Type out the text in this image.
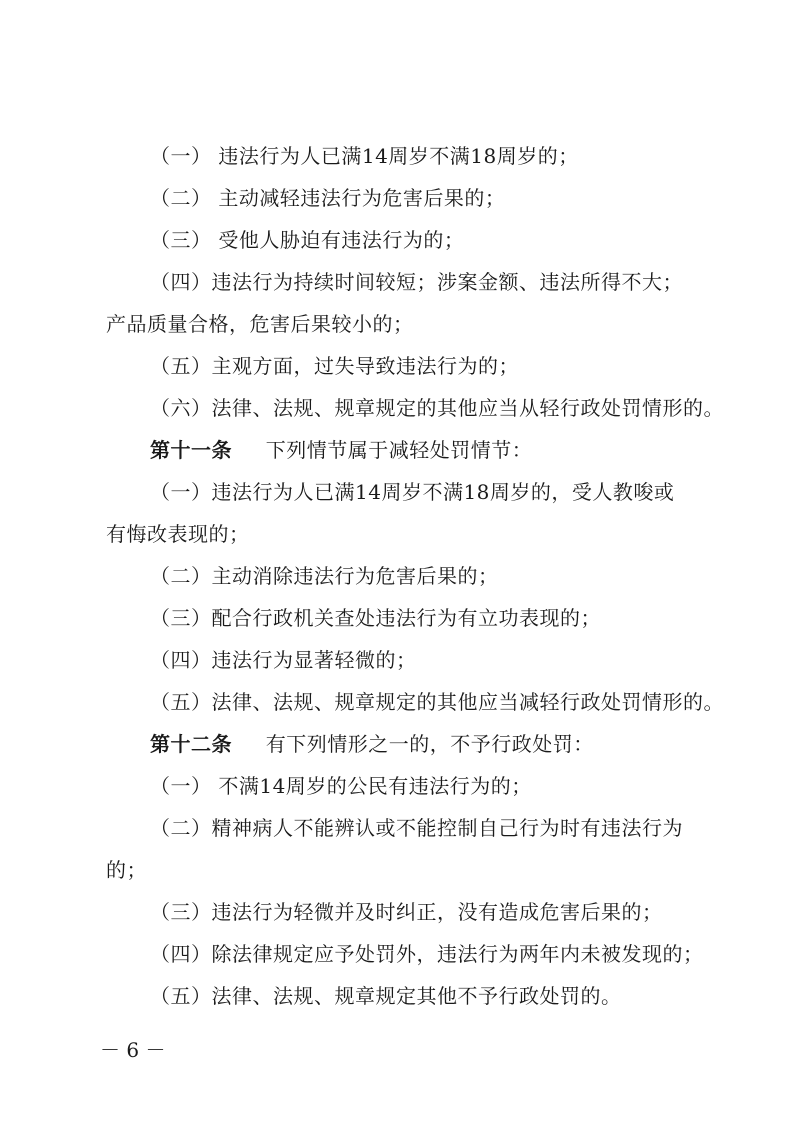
（一） 违法行为人已满14周岁不满18周岁的；
（二） 主动减轻违法行为危害后果的；
（三） 受他人胁迫有违法行为的；
（四）违法行为持续时间较短；涉案金额、违法所得不大；
产品质量合格，危害后果较小的；
（五）主观方面，过失导致违法行为的；
（六）法律、法规、规章规定的其他应当从轻行政处罚情形的。
第十一条 下列情节属于减轻处罚情节：
（一）违法行为人已满14周岁不满18周岁的，受人教唆或
有悔改表现的；
（二）主动消除违法行为危害后果的；
（三）配合行政机关查处违法行为有立功表现的；
（四）违法行为显著轻微的；
（五）法律、法规、规章规定的其他应当减轻行政处罚情形的。
第十二条 有下列情形之一的，不予行政处罚：
（一） 不满14周岁的公民有违法行为的；
（二）精神病人不能辨认或不能控制自己行为时有违法行为
的；
（三）违法行为轻微并及时纠正，没有造成危害后果的；
（四）除法律规定应予处罚外，违法行为两年内未被发现的；
（五）法律、法规、规章规定其他不予行政处罚的。
－ 6 －
